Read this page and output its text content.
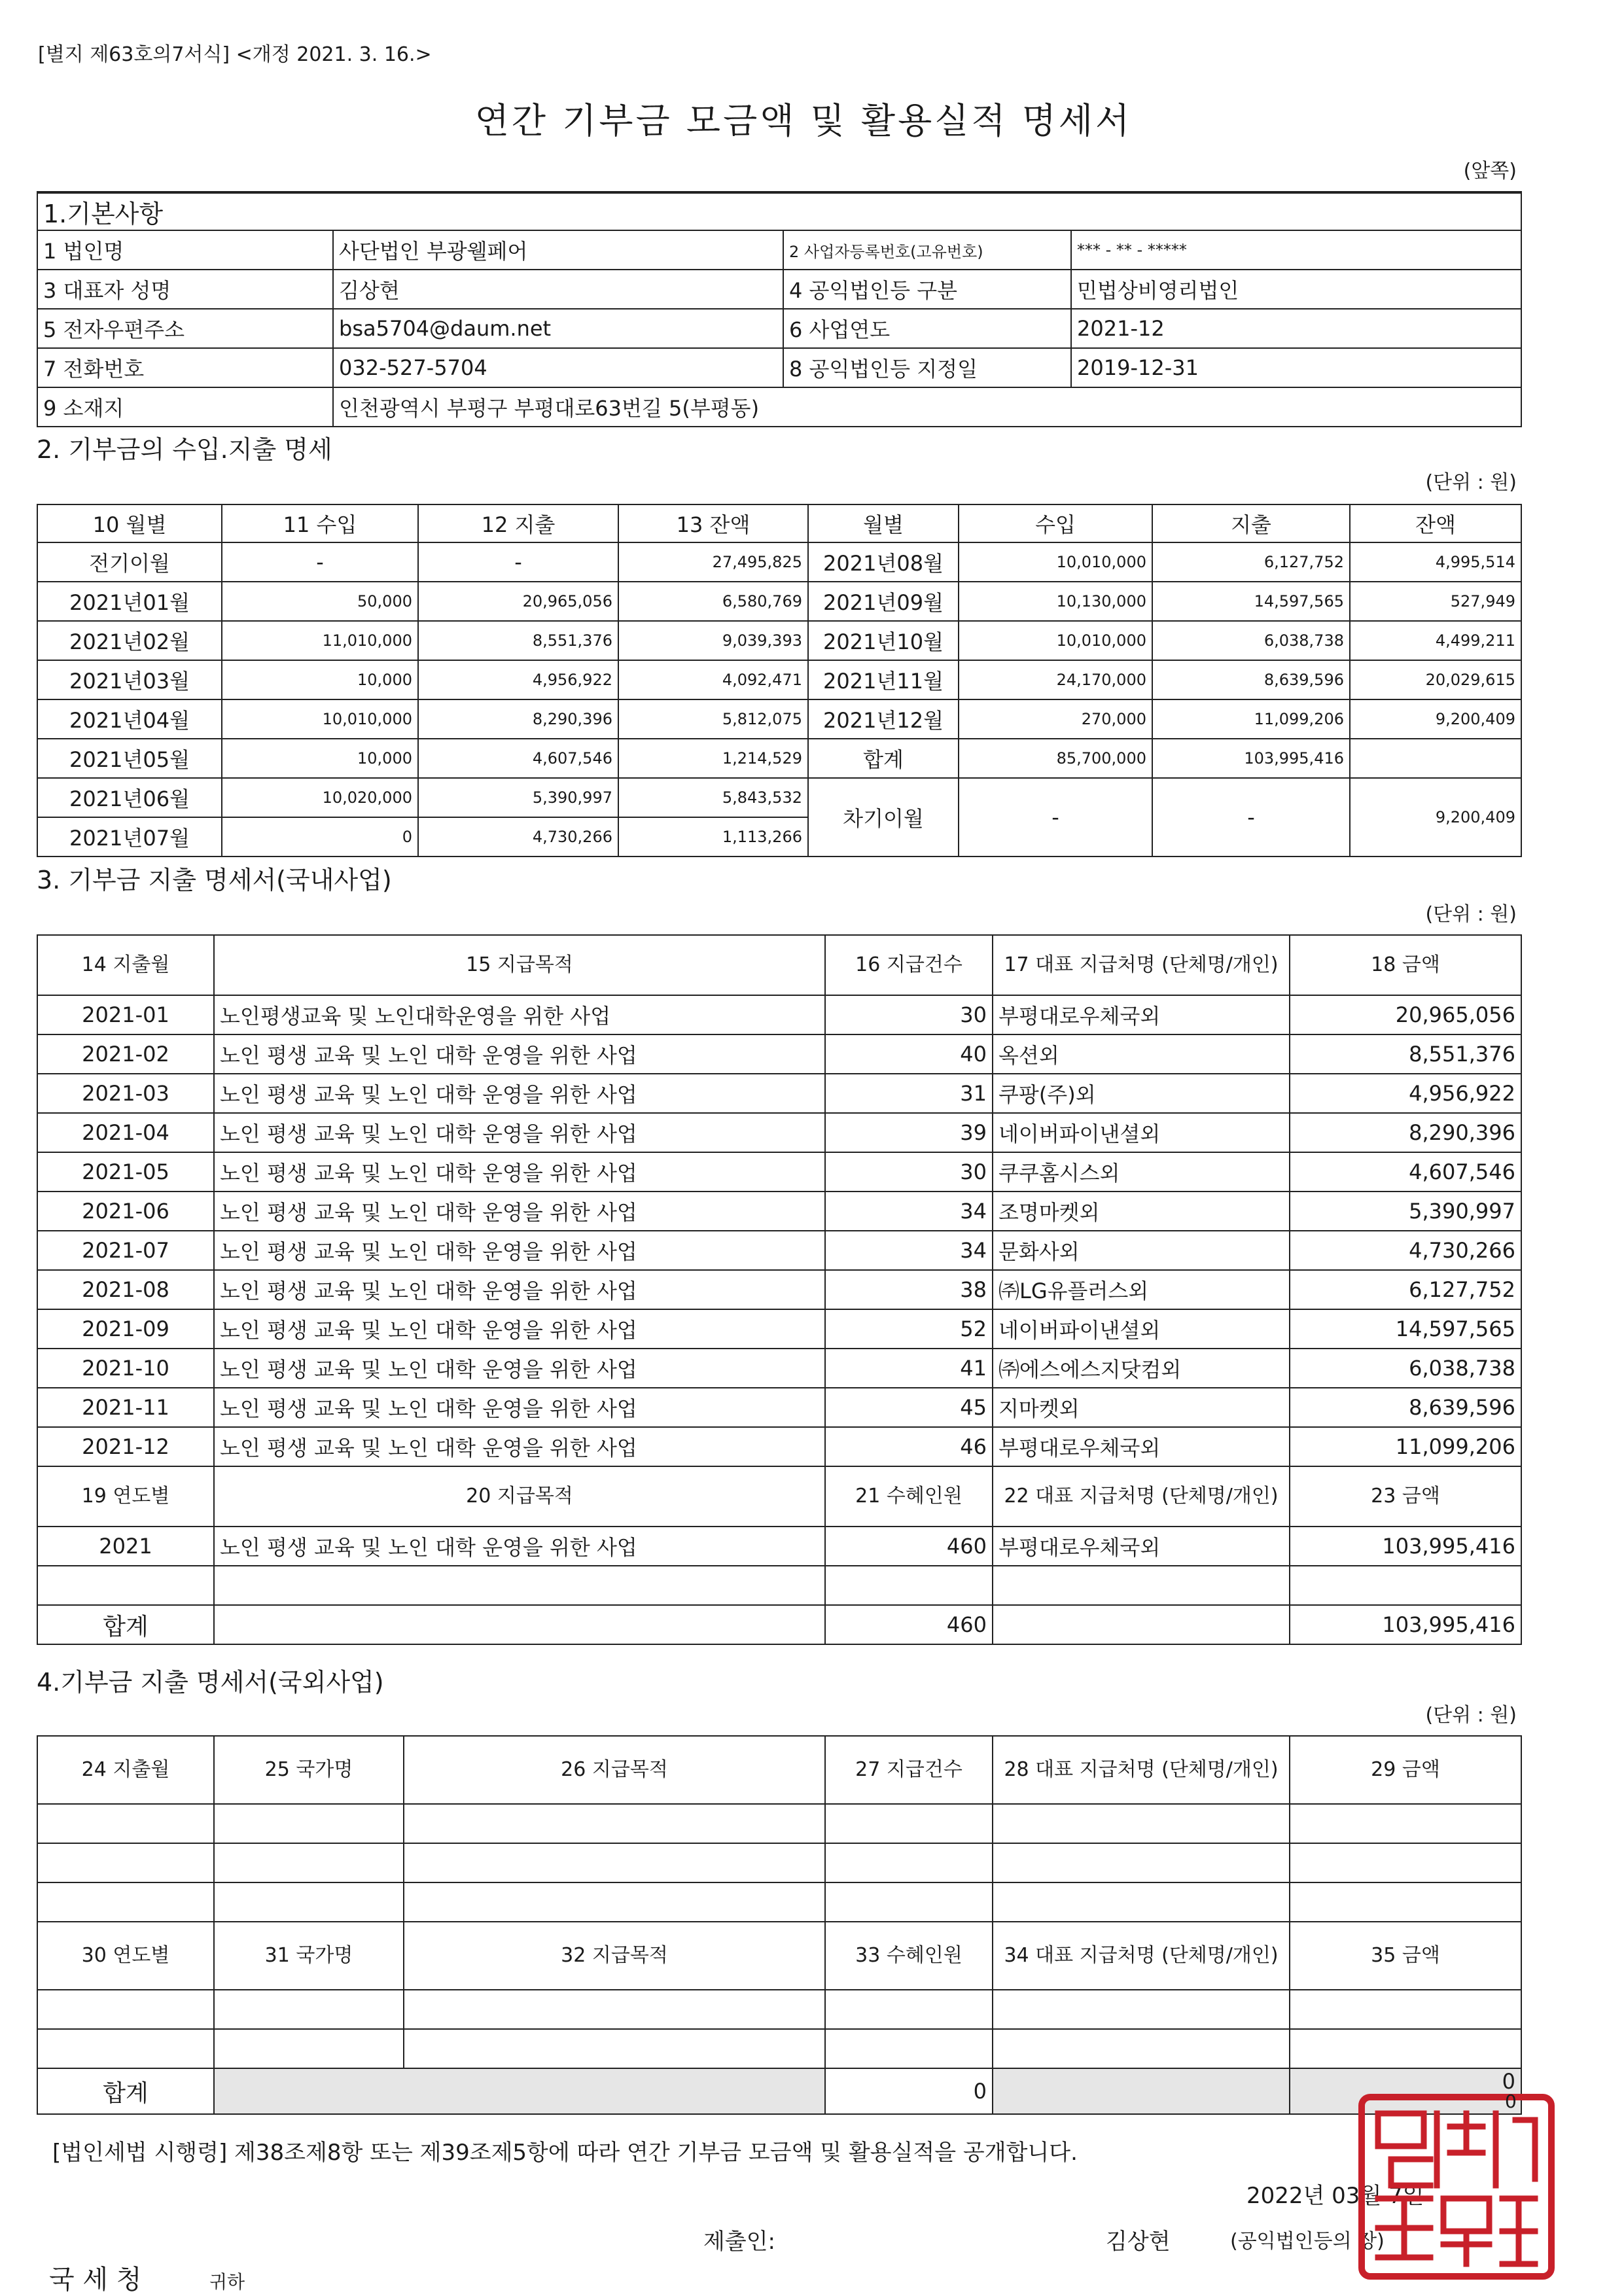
[별지 제63호의7서식] <개정 2021. 3. 16.>
연간 기부금 모금액 및 활용실적 명세서
(앞쪽)
1.기본사항			
1 법인명	사단법인 부광웰페어	2 사업자등록번호(고유번호)	*** - ** - *****
3 대표자 성명	김상현	4 공익법인등 구분	민법상비영리법인
5 전자우편주소	bsa5704@daum.net	6 사업연도	2021-12
7 전화번호	032-527-5704	8 공익법인등 지정일	2019-12-31
9 소재지	인천광역시 부평구 부평대로63번길 5(부평동)		
2. 기부금의 수입.지출 명세
(단위 : 원)
10 월별	11 수입	12 지출	13 잔액	월별	수입	지출	잔액
전기이월	-	-	27,495,825	2021년08월	10,010,000	6,127,752	4,995,514
2021년01월	50,000	20,965,056	6,580,769	2021년09월	10,130,000	14,597,565	527,949
2021년02월	11,010,000	8,551,376	9,039,393	2021년10월	10,010,000	6,038,738	4,499,211
2021년03월	10,000	4,956,922	4,092,471	2021년11월	24,170,000	8,639,596	20,029,615
2021년04월	10,010,000	8,290,396	5,812,075	2021년12월	270,000	11,099,206	9,200,409
2021년05월	10,000	4,607,546	1,214,529	합계	85,700,000	103,995,416	
2021년06월	10,020,000	5,390,997	5,843,532	차기이월	-	-	9,200,409
2021년07월	0	4,730,266	1,113,266				
3. 기부금 지출 명세서(국내사업)
(단위 : 원)
14 지출월	15 지급목적	16 지급건수	17 대표 지급처명 (단체명/개인)	18 금액
2021-01	노인평생교육 및 노인대학운영을 위한 사업	30	부평대로우체국외	20,965,056
2021-02	노인 평생 교육 및 노인 대학 운영을 위한 사업	40	옥션외	8,551,376
2021-03	노인 평생 교육 및 노인 대학 운영을 위한 사업	31	쿠팡(주)외	4,956,922
2021-04	노인 평생 교육 및 노인 대학 운영을 위한 사업	39	네이버파이낸셜외	8,290,396
2021-05	노인 평생 교육 및 노인 대학 운영을 위한 사업	30	쿠쿠홈시스외	4,607,546
2021-06	노인 평생 교육 및 노인 대학 운영을 위한 사업	34	조명마켓외	5,390,997
2021-07	노인 평생 교육 및 노인 대학 운영을 위한 사업	34	문화사외	4,730,266
2021-08	노인 평생 교육 및 노인 대학 운영을 위한 사업	38	㈜LG유플러스외	6,127,752
2021-09	노인 평생 교육 및 노인 대학 운영을 위한 사업	52	네이버파이낸셜외	14,597,565
2021-10	노인 평생 교육 및 노인 대학 운영을 위한 사업	41	㈜에스에스지닷컴외	6,038,738
2021-11	노인 평생 교육 및 노인 대학 운영을 위한 사업	45	지마켓외	8,639,596
2021-12	노인 평생 교육 및 노인 대학 운영을 위한 사업	46	부평대로우체국외	11,099,206
19 연도별	20 지급목적	21 수혜인원	22 대표 지급처명 (단체명/개인)	23 금액
2021	노인 평생 교육 및 노인 대학 운영을 위한 사업	460	부평대로우체국외	103,995,416

합계		460		103,995,416
4.기부금 지출 명세서(국외사업)
(단위 : 원)
24 지출월	25 국가명	26 지급목적	27 지급건수	28 대표 지급처명 (단체명/개인)	29 금액

30 연도별	31 국가명	32 지급목적	33 수혜인원	34 대표 지급처명 (단체명/개인)	35 금액

합계			0		0
[법인세법 시행령] 제38조제8항 또는 제39조제5항에 따라 연간 기부금 모금액 및 활용실적을 공개합니다.
2022년 03월 7일
제출인:	김상현	(공익법인등의 장)
국 세 청	귀하
0
